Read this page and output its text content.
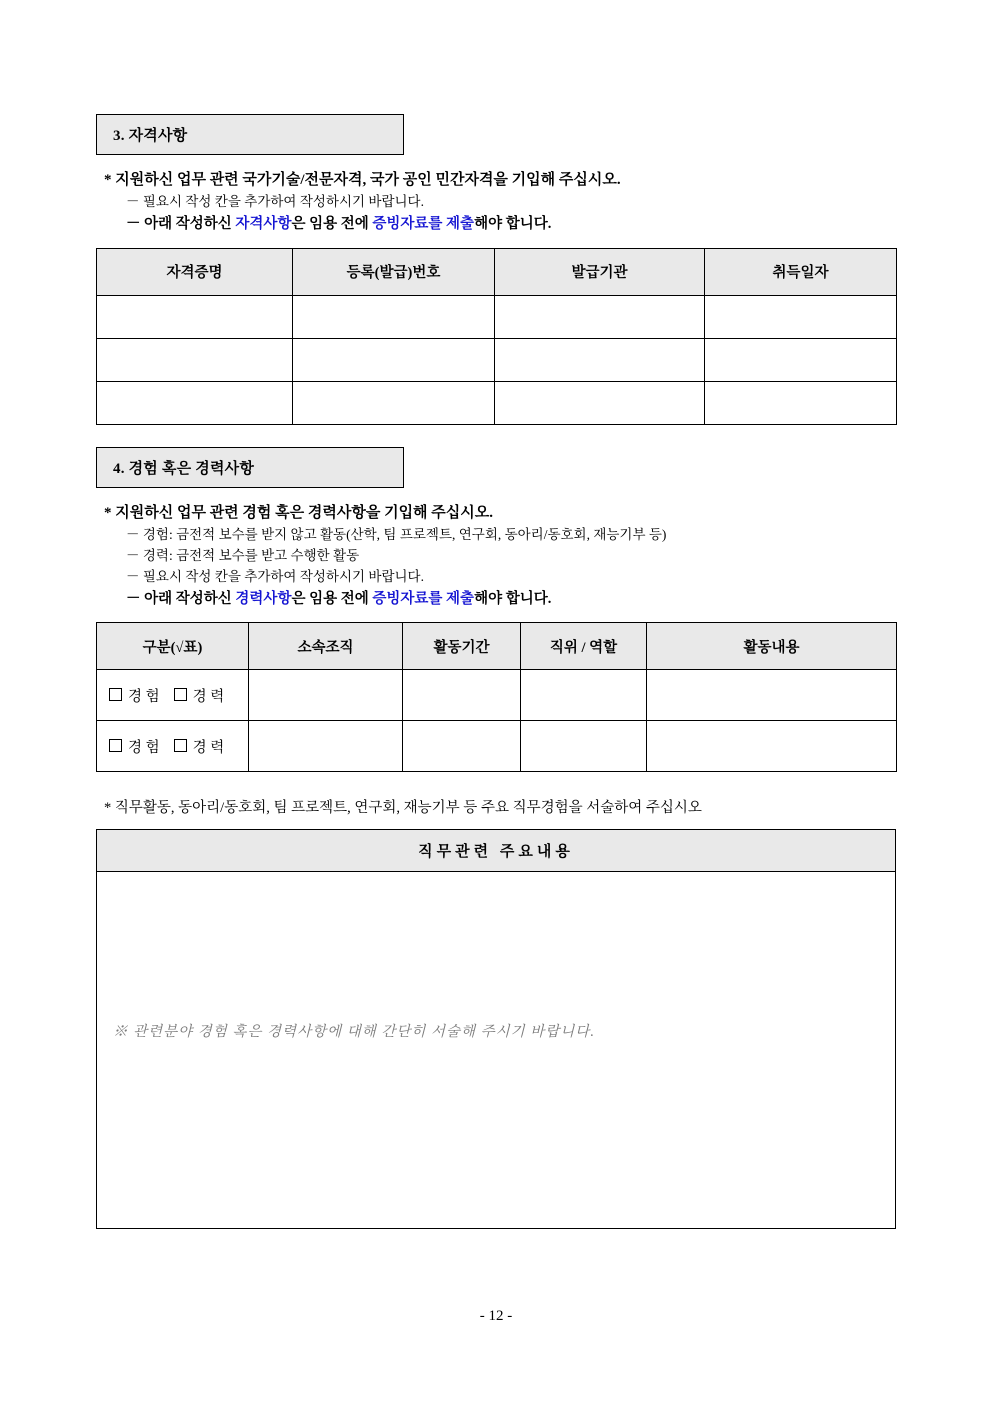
3. 자격사항
* 지원하신 업무 관련 국가기술/전문자격, 국가 공인 민간자격을 기입해 주십시오.
－ 필요시 작성 칸을 추가하여 작성하시기 바랍니다.
－ 아래 작성하신 자격사항은 임용 전에 증빙자료를 제출해야 합니다.
자격증명	등록(발급)번호	발급기관	취득일자

4. 경험 혹은 경력사항
* 지원하신 업무 관련 경험 혹은 경력사항을 기입해 주십시오.
－ 경험: 금전적 보수를 받지 않고 활동(산학, 팀 프로젝트, 연구회, 동아리/동호회, 재능기부 등)
－ 경력: 금전적 보수를 받고 수행한 활동
－ 필요시 작성 칸을 추가하여 작성하시기 바랍니다.
－ 아래 작성하신 경력사항은 임용 전에 증빙자료를 제출해야 합니다.
구분(√표)	소속조직	활동기간	직위 / 역할	활동내용
경 험 경 력				
경 험 경 력				
* 직무활동, 동아리/동호회, 팀 프로젝트, 연구회, 재능기부 등 주요 직무경험을 서술하여 주십시오
직무관련 주요내용
※ 관련분야 경험 혹은 경력사항에 대해 간단히 서술해 주시기 바랍니다.
- 12 -
